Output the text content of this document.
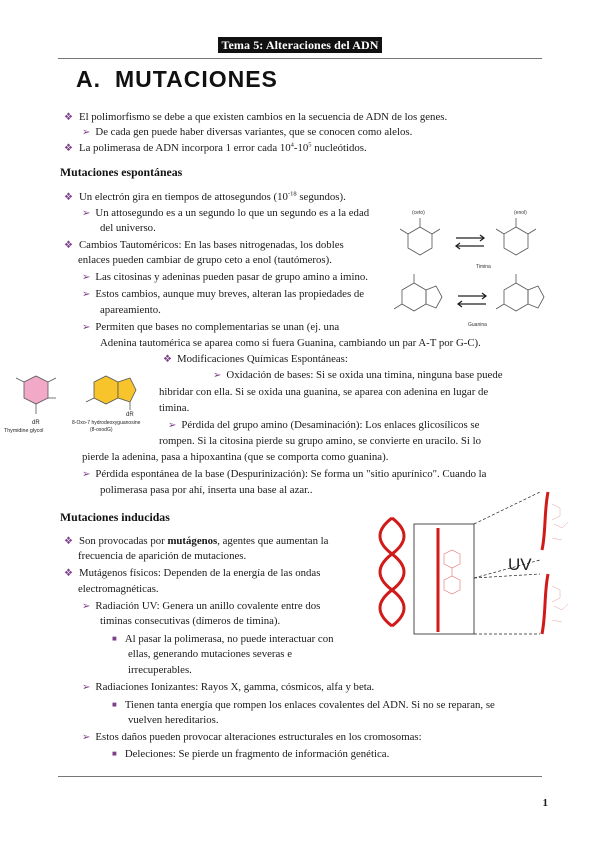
Tema 5: Alteraciones del ADN
A. MUTACIONES
❖ El polimorfismo se debe a que existen cambios en la secuencia de ADN de los genes.
➢ De cada gen puede haber diversas variantes, que se conocen como alelos.
❖ La polimerasa de ADN incorpora 1 error cada $10^4-10^5$ nucleótidos.
Mutaciones espontáneas
❖ Un electrón gira en tiempos de attosegundos ($10^{-18}$ segundos).
➢ Un attosegundo es a un segundo lo que un segundo es a la edad
del universo.
❖ Cambios Tautoméricos: En las bases nitrogenadas, los dobles
enlaces pueden cambiar de grupo ceto a enol (tautómeros).
➢ Las citosinas y adeninas pueden pasar de grupo amino a imino.
➢ Estos cambios, aunque muy breves, alteran las propiedades de
apareamiento.
➢ Permiten que bases no complementarias se unan (ej. una
Adenina tautomérica se aparea como si fuera Guanina, cambiando un par A-T por G-C).
❖ Modificaciones Químicas Espontáneas:
➢ Oxidación de bases: Si se oxida una timina, ninguna base puede
hibridar con ella. Si se oxida una guanina, se aparea con adenina en lugar de
timina.
➢ Pérdida del grupo amino (Desaminación): Los enlaces glicosílicos se
rompen. Si la citosina pierde su grupo amino, se convierte en uracilo. Si lo
pierde la adenina, pasa a hipoxantina (que se comporta como guanina).
➢ Pérdida espontánea de la base (Despurinización): Se forma un "sitio apurínico". Cuando la
polimerasa pasa por ahí, inserta una base al azar..
(enol)
(ceto)
Timina
Guanina
dR
Thymidine glycol
dR
8-Oxo-7 hydrodeoxyguanosine
(8-oxodG)
Mutaciones inducidas
❖ Son provocadas por mutágenos, agentes que aumentan la
frecuencia de aparición de mutaciones.
❖ Mutágenos físicos: Dependen de la energía de las ondas
electromagnéticas.
➢ Radiación UV: Genera un anillo covalente entre dos
timinas consecutivas (dímeros de timina).
■ Al pasar la polimerasa, no puede interactuar con
ellas, generando mutaciones severas e
irrecuperables.
➢ Radiaciones Ionizantes: Rayos X, gamma, cósmicos, alfa y beta.
■ Tienen tanta energía que rompen los enlaces covalentes del ADN. Si no se reparan, se
vuelven hereditarios.
➢ Estos daños pueden provocar alteraciones estructurales en los cromosomas:
■ Deleciones: Se pierde un fragmento de información genética.
UV
1
